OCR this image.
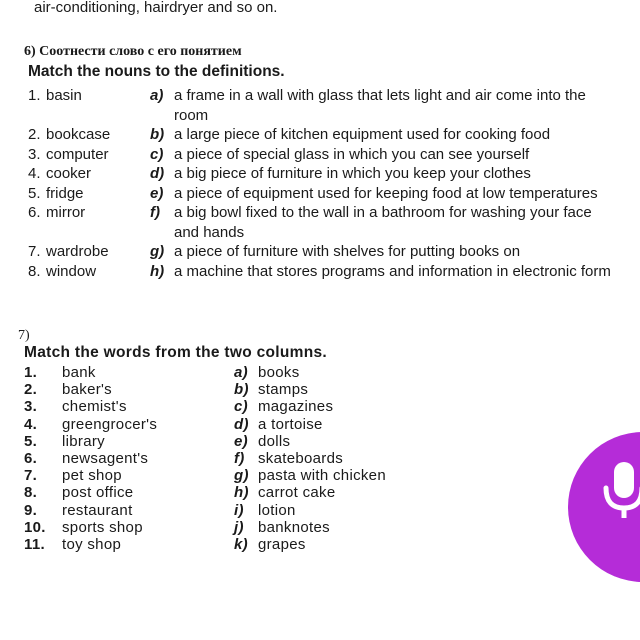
air-conditioning, hairdryer and so on.
6) Соотнести слово с его понятием
Match the nouns to the definitions.
1. basin	a) a frame in a wall with glass that lets light and air come into the room
2. bookcase	b) a large piece of kitchen equipment used for cooking food
3. computer	c) a piece of special glass in which you can see yourself
4. cooker	d) a big piece of furniture in which you keep your clothes
5. fridge	e) a piece of equipment used for keeping food at low temperatures
6. mirror	f) a big bowl fixed to the wall in a bathroom for washing your face and hands
7. wardrobe	g) a piece of furniture with shelves for putting books on
8. window	h) a machine that stores programs and information in electronic form
7)
Match the words from the two columns.
1.	bank	a) books
2.	baker's	b) stamps
3.	chemist's	c) magazines
4.	greengrocer's	d) a tortoise
5.	library	e) dolls
6.	newsagent's	f) skateboards
7.	pet shop	g) pasta with chicken
8.	post office	h) carrot cake
9.	restaurant	i) lotion
10.	sports shop	j) banknotes
11.	toy shop	k) grapes
